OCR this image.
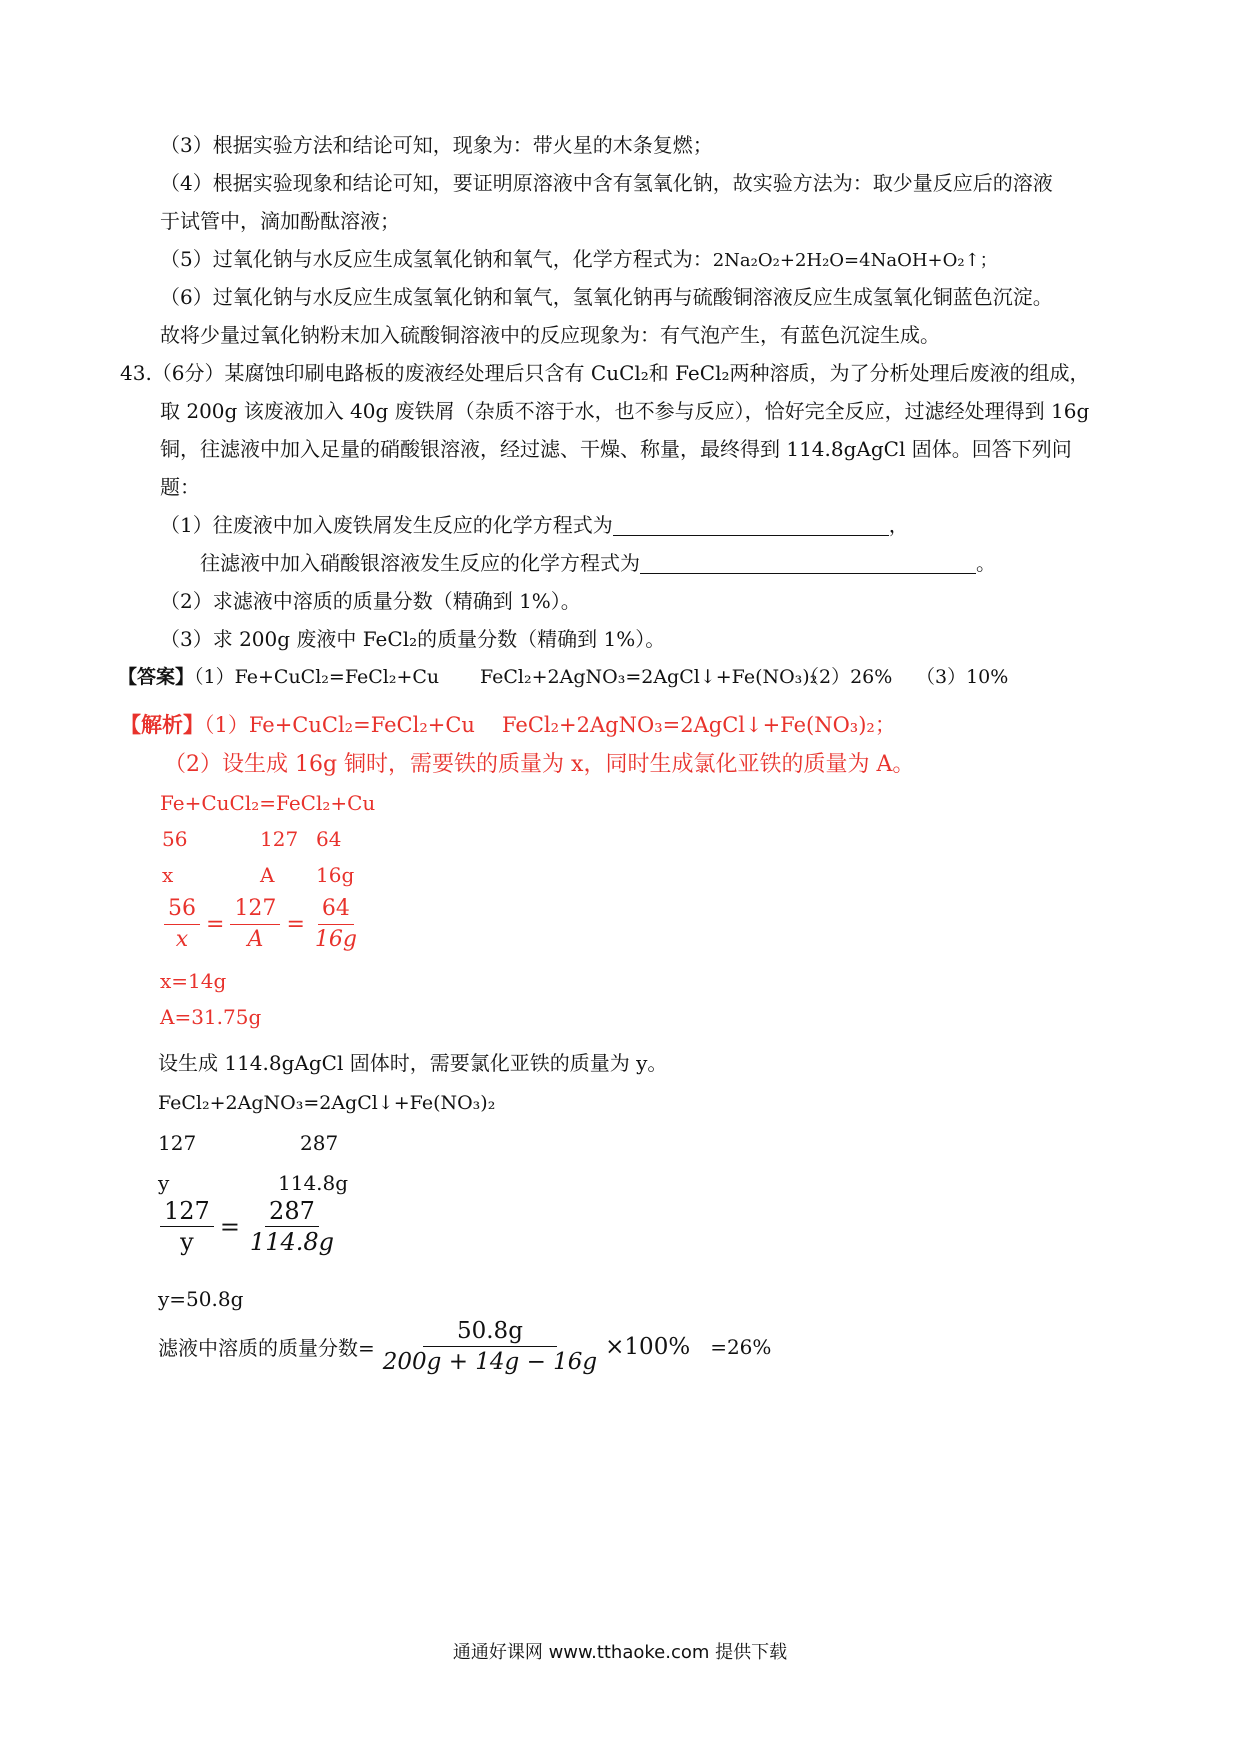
（3）根据实验方法和结论可知，现象为：带火星的木条复燃；
（4）根据实验现象和结论可知，要证明原溶液中含有氢氧化钠，故实验方法为：取少量反应后的溶液
于试管中，滴加酚酞溶液；
（5）过氧化钠与水反应生成氢氧化钠和氧气，化学方程式为：2Na₂O₂+2H₂O=4NaOH+O₂↑；
（6）过氧化钠与水反应生成氢氧化钠和氧气，氢氧化钠再与硫酸铜溶液反应生成氢氧化铜蓝色沉淀。
故将少量过氧化钠粉末加入硫酸铜溶液中的反应现象为：有气泡产生，有蓝色沉淀生成。
43.（6分）某腐蚀印刷电路板的废液经处理后只含有 CuCl₂和 FeCl₂两种溶质，为了分析处理后废液的组成，
取 200g 该废液加入 40g 废铁屑（杂质不溶于水，也不参与反应），恰好完全反应，过滤经处理得到 16g
铜，往滤液中加入足量的硝酸银溶液，经过滤、干燥、称量，最终得到 114.8gAgCl 固体。回答下列问
题：
（1）往废液中加入废铁屑发生反应的化学方程式为	，
往滤液中加入硝酸银溶液发生反应的化学方程式为	。
（2）求滤液中溶质的质量分数（精确到 1%）。
（3）求 200g 废液中 FeCl₂的质量分数（精确到 1%）。
【答案】（1）Fe+CuCl₂=FeCl₂+Cu FeCl₂+2AgNO₃=2AgCl↓+Fe(NO₃)₂
（2）26% （3）10%
【解析】（1）Fe+CuCl₂=FeCl₂+Cu FeCl₂+2AgNO₃=2AgCl↓+Fe(NO₃)₂；
（2）设生成 16g 铜时，需要铁的质量为 x，同时生成氯化亚铁的质量为 A。
Fe+CuCl₂=FeCl₂+Cu
56	127 64
x	A 16g
$\frac{56}{x} = \frac{127}{A} = \frac{64}{16g}$
x=14g
A=31.75g
设生成 114.8gAgCl 固体时，需要氯化亚铁的质量为 y。
FeCl₂+2AgNO₃=2AgCl↓+Fe(NO₃)₂
127	287
y	114.8g
$\frac{127}{y} = \frac{287}{114.8g}$
y=50.8g
滤液中溶质的质量分数= $\frac{50.8g}{200g + 14g - 16g} \times 100\% =26\%$
通通好课网 www.tthaoke.com 提供下载
